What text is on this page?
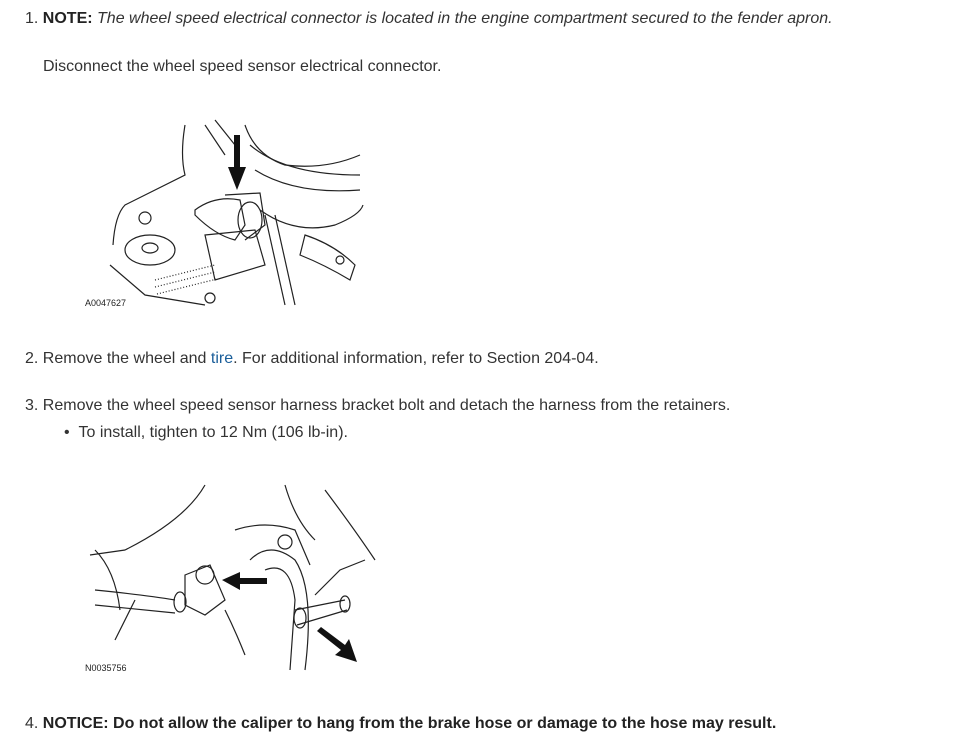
1. NOTE: The wheel speed electrical connector is located in the engine compartment secured to the fender apron.
Disconnect the wheel speed sensor electrical connector.
A0047627
2. Remove the wheel and tire. For additional information, refer to Section 204-04.
3. Remove the wheel speed sensor harness bracket bolt and detach the harness from the retainers.
•  To install, tighten to 12 Nm (106 lb-in).
N0035756
4. NOTICE: Do not allow the caliper to hang from the brake hose or damage to the hose may result.
